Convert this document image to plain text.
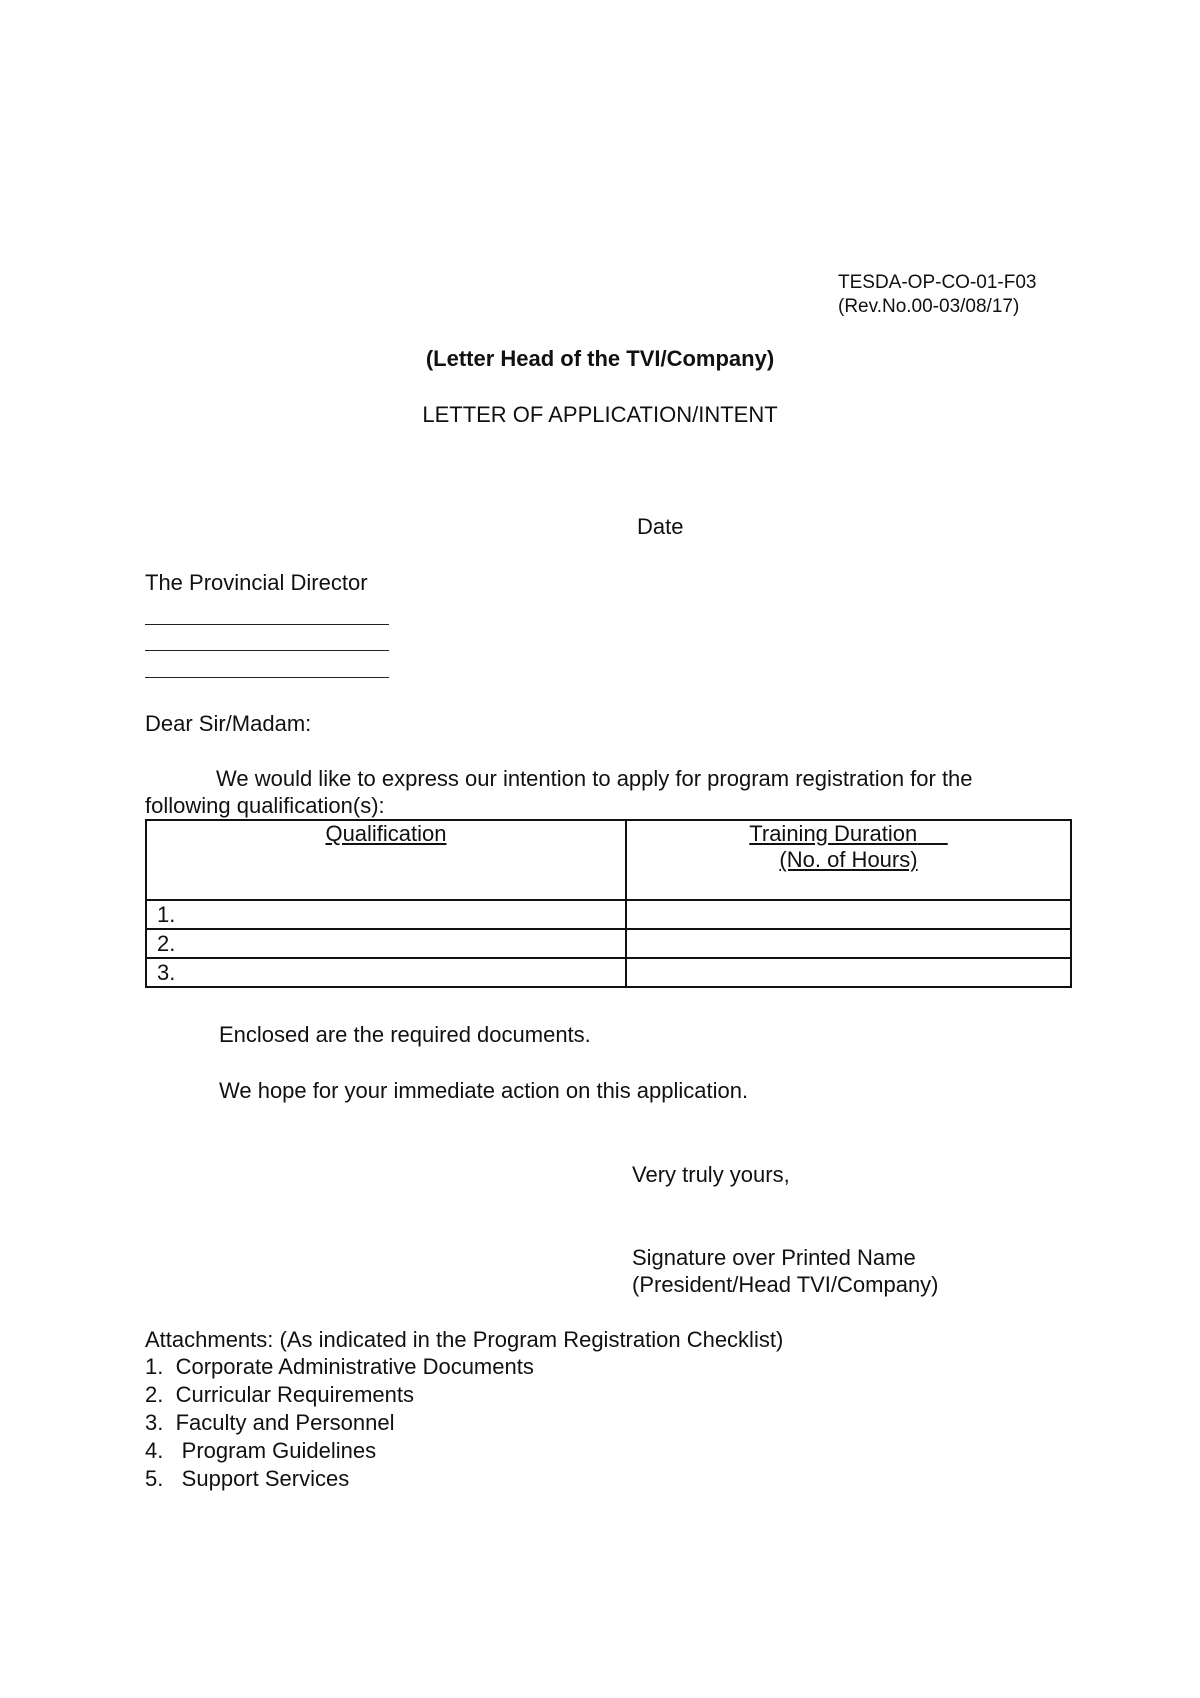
TESDA-OP-CO-01-F03
(Rev.No.00-03/08/17)
(Letter Head of the TVI/Company)
LETTER OF APPLICATION/INTENT
Date
The Provincial Director
Dear Sir/Madam:
We would like to express our intention to apply for program registration for the
following qualification(s):
Qualification	Training Duration
(No. of Hours)
1.	
2.	
3.	
Enclosed are the required documents.
We hope for your immediate action on this application.
Very truly yours,
Signature over Printed Name
(President/Head TVI/Company)
Attachments: (As indicated in the Program Registration Checklist)
1.  Corporate Administrative Documents
2.  Curricular Requirements
3.  Faculty and Personnel
4.   Program Guidelines
5.   Support Services
